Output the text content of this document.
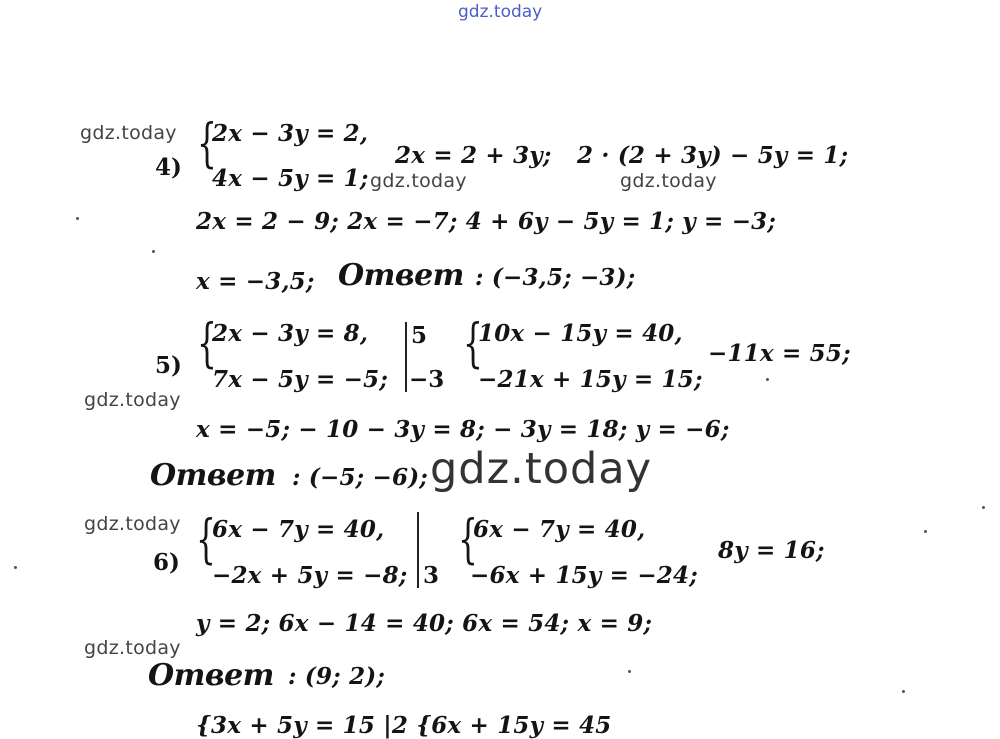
gdz.today
gdz.today
4) {
2x − 3y = 2,
4x − 5y = 1;
2x = 2 + 3y; 2 · (2 + 3y) − 5y = 1;
gdz.today	gdz.today
2x = 2 − 9; 2x = −7; 4 + 6y − 5y = 1; y = −3;
x = −3,5; Ответ : (−3,5; −3);
5) {
2x − 3y = 8,
7x − 5y = −5;
5
−3
{
10x − 15y = 40,
−21x + 15y = 15;
−11x = 55;
gdz.today
x = −5; − 10 − 3y = 8; − 3y = 18; y = −6;
Ответ : (−5; −6); gdz.today
gdz.today
6) {
6x − 7y = 40,
−2x + 5y = −8; 3
{
6x − 7y = 40,
−6x + 15y = −24;
8y = 16;
y = 2; 6x − 14 = 40; 6x = 54; x = 9;
gdz.today
Ответ : (9; 2);
{3x + 5y = 15 |2 {6x + 15y = 45
